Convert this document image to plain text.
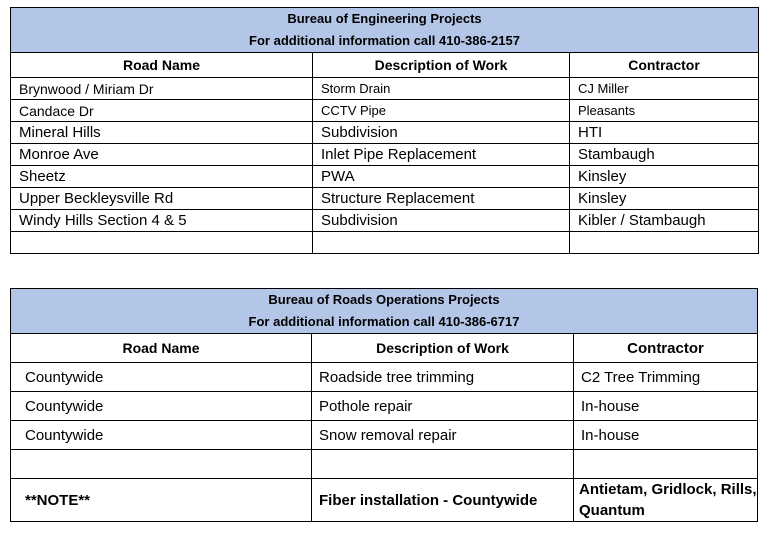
Bureau of Engineering Projects
For additional information call 410-386-2157		

Road Name	Description of Work	Contractor
Brynwood / Miriam Dr	Storm Drain	CJ Miller
Candace Dr	CCTV Pipe	Pleasants
Mineral Hills	Subdivision	HTI
Monroe Ave	Inlet Pipe Replacement	Stambaugh
Sheetz	PWA	Kinsley
Upper Beckleysville Rd	Structure Replacement	Kinsley
Windy Hills Section 4 & 5	Subdivision	Kibler / Stambaugh

Bureau of Roads Operations Projects
For additional information call 410-386-6717		

Road Name	Description of Work	Contractor
Countywide	Roadside tree trimming	C2 Tree Trimming
Countywide	Pothole repair	In-house
Countywide	Snow removal repair	In-house

**NOTE**	Fiber installation - Countywide	Antietam, Gridlock, Rills, Quantum
